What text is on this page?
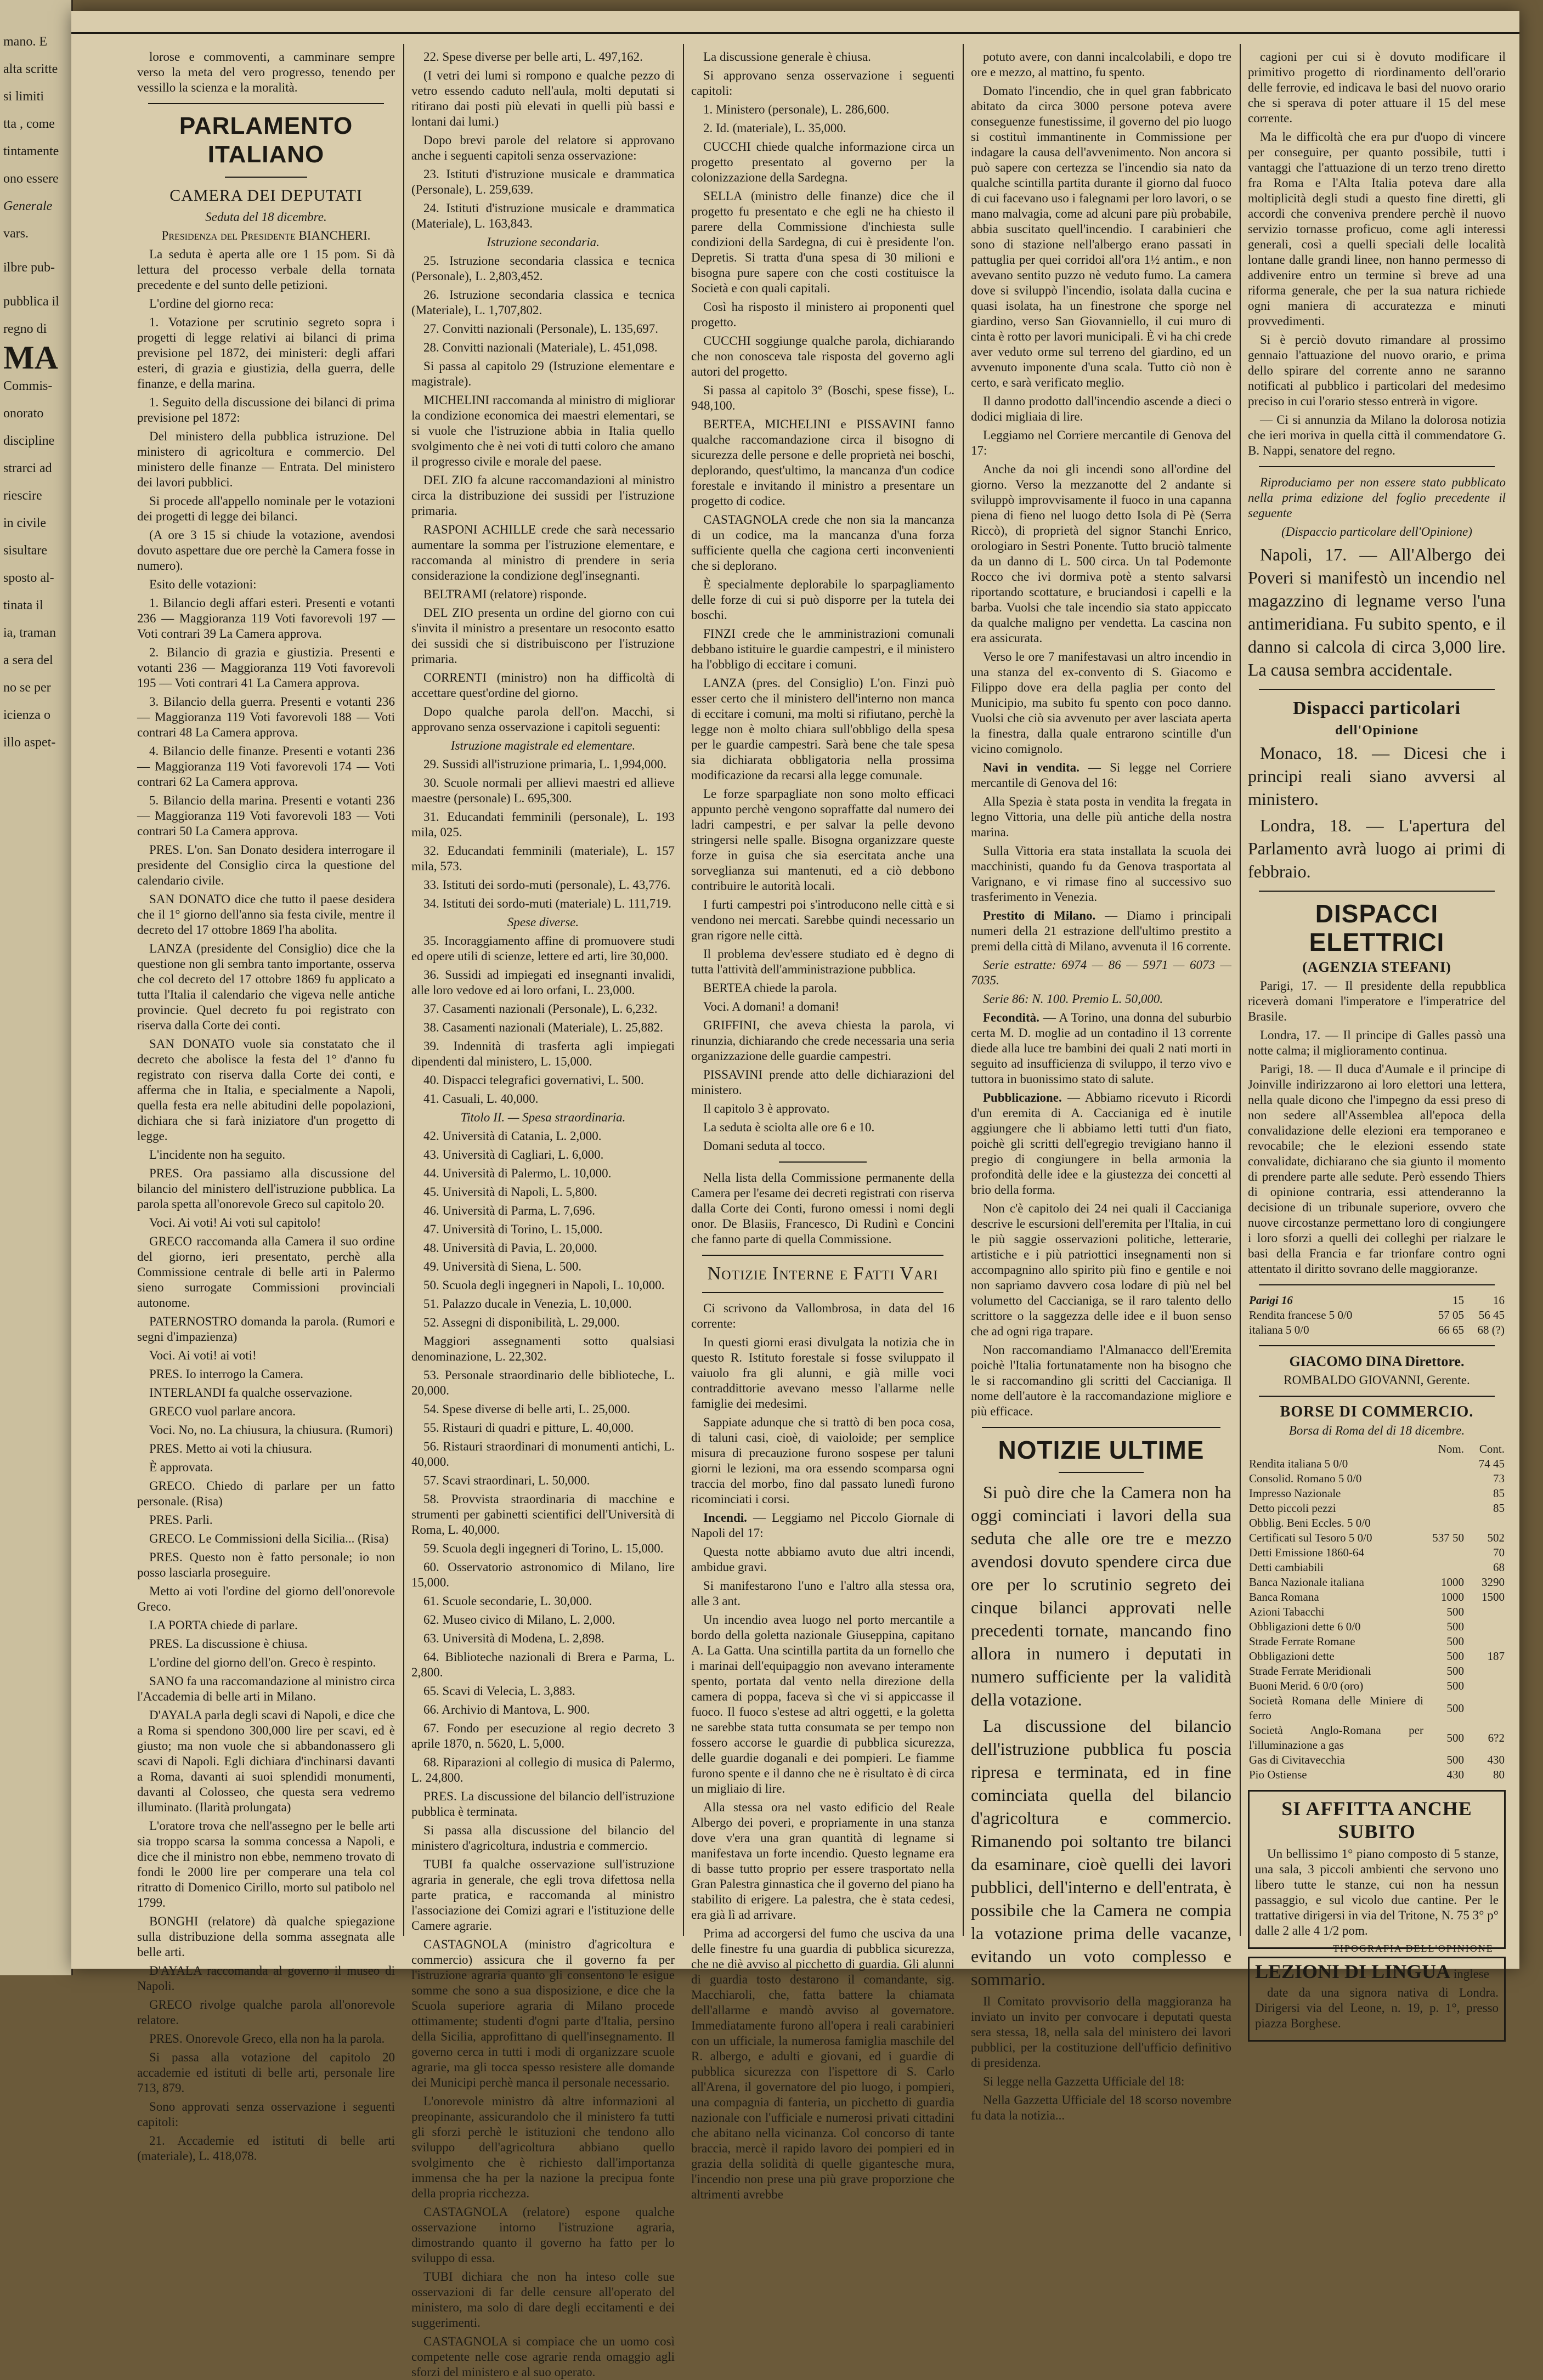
mano. E

alta scritte

si limiti

tta , come

tintamente

ono essere

Generale

vars.

ilbre pub-

pubblica il

regno di

MA

Commis-

onorato

discipline

strarci ad

riescire

in civile

sisultare

sposto al-

tinata il

ia, traman

a sera del

no se per

icienza o

illo aspet-

lorose e commoventi, a camminare sempre verso la meta del vero progresso, tenendo per vessillo la scienza e la moralità.

PARLAMENTO ITALIANO

CAMERA DEI DEPUTATI

Seduta del 18 dicembre.

Presidenza del Presidente BIANCHERI.

La seduta è aperta alle ore 1 15 pom. Si dà lettura del processo verbale della tornata precedente e del sunto delle petizioni.

L'ordine del giorno reca:

1. Votazione per scrutinio segreto sopra i progetti di legge relativi ai bilanci di prima previsione pel 1872, dei ministeri: degli affari esteri, di grazia e giustizia, della guerra, delle finanze, e della marina.

1. Seguito della discussione dei bilanci di prima previsione pel 1872:

Del ministero della pubblica istruzione. Del ministero di agricoltura e commercio. Del ministero delle finanze — Entrata. Del ministero dei lavori pubblici.

Si procede all'appello nominale per le votazioni dei progetti di legge dei bilanci.

(A ore 3 15 si chiude la votazione, avendosi dovuto aspettare due ore perchè la Camera fosse in numero).

Esito delle votazioni:

1. Bilancio degli affari esteri. Presenti e votanti 236 — Maggioranza 119 Voti favorevoli 197 — Voti contrari 39 La Camera approva.

2. Bilancio di grazia e giustizia. Presenti e votanti 236 — Maggioranza 119 Voti favorevoli 195 — Voti contrari 41 La Camera approva.

3. Bilancio della guerra. Presenti e votanti 236 — Maggioranza 119 Voti favorevoli 188 — Voti contrari 48 La Camera approva.

4. Bilancio delle finanze. Presenti e votanti 236 — Maggioranza 119 Voti favorevoli 174 — Voti contrari 62 La Camera approva.

5. Bilancio della marina. Presenti e votanti 236 — Maggioranza 119 Voti favorevoli 183 — Voti contrari 50 La Camera approva.

PRES. L'on. San Donato desidera interrogare il presidente del Consiglio circa la questione del calendario civile.

SAN DONATO dice che tutto il paese desidera che il 1° giorno dell'anno sia festa civile, mentre il decreto del 17 ottobre 1869 l'ha abolita.

LANZA (presidente del Consiglio) dice che la questione non gli sembra tanto importante, osserva che col decreto del 17 ottobre 1869 fu applicato a tutta l'Italia il calendario che vigeva nelle antiche provincie. Quel decreto fu poi registrato con riserva dalla Corte dei conti.

SAN DONATO vuole sia constatato che il decreto che abolisce la festa del 1° d'anno fu registrato con riserva dalla Corte dei conti, e afferma che in Italia, e specialmente a Napoli, quella festa era nelle abitudini delle popolazioni, dichiara che si farà iniziatore d'un progetto di legge.

L'incidente non ha seguito.

PRES. Ora passiamo alla discussione del bilancio del ministero dell'istruzione pubblica. La parola spetta all'onorevole Greco sul capitolo 20.

Voci. Ai voti! Ai voti sul capitolo!

GRECO raccomanda alla Camera il suo ordine del giorno, ieri presentato, perchè alla Commissione centrale di belle arti in Palermo sieno surrogate Commissioni provinciali autonome.

PATERNOSTRO domanda la parola. (Rumori e segni d'impazienza)

Voci. Ai voti! ai voti!

PRES. Io interrogo la Camera.

INTERLANDI fa qualche osservazione.

GRECO vuol parlare ancora.

Voci. No, no. La chiusura, la chiusura. (Rumori)

PRES. Metto ai voti la chiusura.

È approvata.

GRECO. Chiedo di parlare per un fatto personale. (Risa)

PRES. Parli.

GRECO. Le Commissioni della Sicilia... (Risa)

PRES. Questo non è fatto personale; io non posso lasciarla proseguire.

Metto ai voti l'ordine del giorno dell'onorevole Greco.

LA PORTA chiede di parlare.

PRES. La discussione è chiusa.

L'ordine del giorno dell'on. Greco è respinto.

SANO fa una raccomandazione al ministro circa l'Accademia di belle arti in Milano.

D'AYALA parla degli scavi di Napoli, e dice che a Roma si spendono 300,000 lire per scavi, ed è giusto; ma non vuole che si abbandonassero gli scavi di Napoli. Egli dichiara d'inchinarsi davanti a Roma, davanti ai suoi splendidi monumenti, davanti al Colosseo, che questa sera vedremo illuminato. (Ilarità prolungata)

L'oratore trova che nell'assegno per le belle arti sia troppo scarsa la somma concessa a Napoli, e dice che il ministro non ebbe, nemmeno trovato di fondi le 2000 lire per comperare una tela col ritratto di Domenico Cirillo, morto sul patibolo nel 1799.

BONGHI (relatore) dà qualche spiegazione sulla distribuzione della somma assegnata alle belle arti.

D'AYALA raccomanda al governo il museo di Napoli.

GRECO rivolge qualche parola all'onorevole relatore.

PRES. Onorevole Greco, ella non ha la parola.

Si passa alla votazione del capitolo 20 accademie ed istituti di belle arti, personale lire 713, 879.

Sono approvati senza osservazione i seguenti capitoli:

21. Accademie ed istituti di belle arti (materiale), L. 418,078.

22. Spese diverse per belle arti, L. 497,162.

(I vetri dei lumi si rompono e qualche pezzo di vetro essendo caduto nell'aula, molti deputati si ritirano dai posti più elevati in quelli più bassi e lontani dai lumi.)

Dopo brevi parole del relatore si approvano anche i seguenti capitoli senza osservazione:

23. Istituti d'istruzione musicale e drammatica (Personale), L. 259,639.

24. Istituti d'istruzione musicale e drammatica (Materiale), L. 163,843.

Istruzione secondaria.

25. Istruzione secondaria classica e tecnica (Personale), L. 2,803,452.

26. Istruzione secondaria classica e tecnica (Materiale), L. 1,707,802.

27. Convitti nazionali (Personale), L. 135,697.

28. Convitti nazionali (Materiale), L. 451,098.

Si passa al capitolo 29 (Istruzione elementare e magistrale).

MICHELINI raccomanda al ministro di migliorar la condizione economica dei maestri elementari, se si vuole che l'istruzione abbia in Italia quello svolgimento che è nei voti di tutti coloro che amano il progresso civile e morale del paese.

DEL ZIO fa alcune raccomandazioni al ministro circa la distribuzione dei sussidi per l'istruzione primaria.

RASPONI ACHILLE crede che sarà necessario aumentare la somma per l'istruzione elementare, e raccomanda al ministro di prendere in seria considerazione la condizione degl'insegnanti.

BELTRAMI (relatore) risponde.

DEL ZIO presenta un ordine del giorno con cui s'invita il ministro a presentare un resoconto esatto dei sussidi che si distribuiscono per l'istruzione primaria.

CORRENTI (ministro) non ha difficoltà di accettare quest'ordine del giorno.

Dopo qualche parola dell'on. Macchi, si approvano senza osservazione i capitoli seguenti:

Istruzione magistrale ed elementare.

29. Sussidi all'istruzione primaria, L. 1,994,000.

30. Scuole normali per allievi maestri ed allieve maestre (personale) L. 695,300.

31. Educandati femminili (personale), L. 193 mila, 025.

32. Educandati femminili (materiale), L. 157 mila, 573.

33. Istituti dei sordo-muti (personale), L. 43,776.

34. Istituti dei sordo-muti (materiale) L. 111,719.

Spese diverse.

35. Incoraggiamento affine di promuovere studi ed opere utili di scienze, lettere ed arti, lire 30,000.

36. Sussidi ad impiegati ed insegnanti invalidi, alle loro vedove ed ai loro orfani, L. 23,000.

37. Casamenti nazionali (Personale), L. 6,232.

38. Casamenti nazionali (Materiale), L. 25,882.

39. Indennità di trasferta agli impiegati dipendenti dal ministero, L. 15,000.

40. Dispacci telegrafici governativi, L. 500.

41. Casuali, L. 40,000.

Titolo II. — Spesa straordinaria.

42. Università di Catania, L. 2,000.

43. Università di Cagliari, L. 6,000.

44. Università di Palermo, L. 10,000.

45. Università di Napoli, L. 5,800.

46. Università di Parma, L. 7,696.

47. Università di Torino, L. 15,000.

48. Università di Pavia, L. 20,000.

49. Università di Siena, L. 500.

50. Scuola degli ingegneri in Napoli, L. 10,000.

51. Palazzo ducale in Venezia, L. 10,000.

52. Assegni di disponibilità, L. 29,000.

Maggiori assegnamenti sotto qualsiasi denominazione, L. 22,302.

53. Personale straordinario delle biblioteche, L. 20,000.

54. Spese diverse di belle arti, L. 25,000.

55. Ristauri di quadri e pitture, L. 40,000.

56. Ristauri straordinari di monumenti antichi, L. 40,000.

57. Scavi straordinari, L. 50,000.

58. Provvista straordinaria di macchine e strumenti per gabinetti scientifici dell'Università di Roma, L. 40,000.

59. Scuola degli ingegneri di Torino, L. 15,000.

60. Osservatorio astronomico di Milano, lire 15,000.

61. Scuole secondarie, L. 30,000.

62. Museo civico di Milano, L. 2,000.

63. Università di Modena, L. 2,898.

64. Biblioteche nazionali di Brera e Parma, L. 2,800.

65. Scavi di Velecia, L. 3,883.

66. Archivio di Mantova, L. 900.

67. Fondo per esecuzione al regio decreto 3 aprile 1870, n. 5620, L. 5,000.

68. Riparazioni al collegio di musica di Palermo, L. 24,800.

PRES. La discussione del bilancio dell'istruzione pubblica è terminata.

Si passa alla discussione del bilancio del ministero d'agricoltura, industria e commercio.

TUBI fa qualche osservazione sull'istruzione agraria in generale, che egli trova difettosa nella parte pratica, e raccomanda al ministro l'associazione dei Comizi agrari e l'istituzione delle Camere agrarie.

CASTAGNOLA (ministro d'agricoltura e commercio) assicura che il governo fa per l'istruzione agraria quanto gli consentono le esigue somme che sono a sua disposizione, e dice che la Scuola superiore agraria di Milano procede ottimamente; studenti d'ogni parte d'Italia, persino della Sicilia, approfittano di quell'insegnamento. Il governo cerca in tutti i modi di organizzare scuole agrarie, ma gli tocca spesso resistere alle domande dei Municipi perchè manca il personale necessario.

L'onorevole ministro dà altre informazioni al preopinante, assicurandolo che il ministero fa tutti gli sforzi perchè le istituzioni che tendono allo sviluppo dell'agricoltura abbiano quello svolgimento che è richiesto dall'importanza immensa che ha per la nazione la precipua fonte della propria ricchezza.

CASTAGNOLA (relatore) espone qualche osservazione intorno l'istruzione agraria, dimostrando quanto il governo ha fatto per lo sviluppo di essa.

TUBI dichiara che non ha inteso colle sue osservazioni di far delle censure all'operato del ministero, ma solo di dare degli eccitamenti e dei suggerimenti.

CASTAGNOLA si compiace che un uomo così competente nelle cose agrarie renda omaggio agli sforzi del ministero e al suo operato.

La discussione generale è chiusa.

Si approvano senza osservazione i seguenti capitoli:

1. Ministero (personale), L. 286,600.

2. Id. (materiale), L. 35,000.

CUCCHI chiede qualche informazione circa un progetto presentato al governo per la colonizzazione della Sardegna.

SELLA (ministro delle finanze) dice che il progetto fu presentato e che egli ne ha chiesto il parere della Commissione d'inchiesta sulle condizioni della Sardegna, di cui è presidente l'on. Depretis. Si tratta d'una spesa di 30 milioni e bisogna pure sapere con che costi costituisce la Società e con quali capitali.

Così ha risposto il ministero ai proponenti quel progetto.

CUCCHI soggiunge qualche parola, dichiarando che non conosceva tale risposta del governo agli autori del progetto.

Si passa al capitolo 3° (Boschi, spese fisse), L. 948,100.

BERTEA, MICHELINI e PISSAVINI fanno qualche raccomandazione circa il bisogno di sicurezza delle persone e delle proprietà nei boschi, deplorando, quest'ultimo, la mancanza d'un codice forestale e invitando il ministro a presentare un progetto di codice.

CASTAGNOLA crede che non sia la mancanza di un codice, ma la mancanza d'una forza sufficiente quella che cagiona certi inconvenienti che si deplorano.

È specialmente deplorabile lo sparpagliamento delle forze di cui si può disporre per la tutela dei boschi.

FINZI crede che le amministrazioni comunali debbano istituire le guardie campestri, e il ministero ha l'obbligo di eccitare i comuni.

LANZA (pres. del Consiglio) L'on. Finzi può esser certo che il ministero dell'interno non manca di eccitare i comuni, ma molti si rifiutano, perchè la legge non è molto chiara sull'obbligo della spesa per le guardie campestri. Sarà bene che tale spesa sia dichiarata obbligatoria nella prossima modificazione da recarsi alla legge comunale.

Le forze sparpagliate non sono molto efficaci appunto perchè vengono sopraffatte dal numero dei ladri campestri, e per salvar la pelle devono stringersi nelle spalle. Bisogna organizzare queste forze in guisa che sia esercitata anche una sorveglianza sui mantenuti, ed a ciò debbono contribuire le autorità locali.

I furti campestri poi s'introducono nelle città e si vendono nei mercati. Sarebbe quindi necessario un gran rigore nelle città.

Il problema dev'essere studiato ed è degno di tutta l'attività dell'amministrazione pubblica.

BERTEA chiede la parola.

Voci. A domani! a domani!

GRIFFINI, che aveva chiesta la parola, vi rinunzia, dichiarando che crede necessaria una seria organizzazione delle guardie campestri.

PISSAVINI prende atto delle dichiarazioni del ministero.

Il capitolo 3 è approvato.

La seduta è sciolta alle ore 6 e 10.

Domani seduta al tocco.

Nella lista della Commissione permanente della Camera per l'esame dei decreti registrati con riserva dalla Corte dei Conti, furono omessi i nomi degli onor. De Blasiis, Francesco, Di Rudinì e Concini che fanno parte di quella Commissione.

Notizie Interne e Fatti Vari

Ci scrivono da Vallombrosa, in data del 16 corrente:

In questi giorni erasi divulgata la notizia che in questo R. Istituto forestale si fosse sviluppato il vaiuolo fra gli alunni, e già mille voci contraddittorie avevano messo l'allarme nelle famiglie dei medesimi.

Sappiate adunque che si trattò di ben poca cosa, di taluni casi, cioè, di vaioloide; per semplice misura di precauzione furono sospese per taluni giorni le lezioni, ma ora essendo scomparsa ogni traccia del morbo, fino dal passato lunedì furono ricominciati i corsi.

Incendi. — Leggiamo nel Piccolo Giornale di Napoli del 17:

Questa notte abbiamo avuto due altri incendi, ambidue gravi.

Si manifestarono l'uno e l'altro alla stessa ora, alle 3 ant.

Un incendio avea luogo nel porto mercantile a bordo della goletta nazionale Giuseppina, capitano A. La Gatta. Una scintilla partita da un fornello che i marinai dell'equipaggio non avevano interamente spento, portata dal vento nella direzione della camera di poppa, faceva sì che vi si appiccasse il fuoco. Il fuoco s'estese ad altri oggetti, e la goletta ne sarebbe stata tutta consumata se per tempo non fossero accorse le guardie di pubblica sicurezza, delle guardie doganali e dei pompieri. Le fiamme furono spente e il danno che ne è risultato è di circa un migliaio di lire.

Alla stessa ora nel vasto edificio del Reale Albergo dei poveri, e propriamente in una stanza dove v'era una gran quantità di legname si manifestava un forte incendio. Questo legname era di basse tutto proprio per essere trasportato nella Gran Palestra ginnastica che il governo del piano ha stabilito di erigere. La palestra, che è stata cedesi, era già lì ad arrivare.

Prima ad accorgersi del fumo che usciva da una delle finestre fu una guardia di pubblica sicurezza, che ne diè avviso al picchetto di guardia. Gli alunni di guardia tosto destarono il comandante, sig. Macchiaroli, che, fatta battere la chiamata dell'allarme e mandò avviso al governatore. Immediatamente furono all'opera i reali carabinieri con un ufficiale, la numerosa famiglia maschile del R. albergo, e adulti e giovani, ed i guardie di pubblica sicurezza con l'ispettore di S. Carlo all'Arena, il governatore del pio luogo, i pompieri, una compagnia di fanteria, un picchetto di guardia nazionale con l'ufficiale e numerosi privati cittadini che abitano nella vicinanza. Col concorso di tante braccia, mercè il rapido lavoro dei pompieri ed in grazia della solidità di quelle gigantesche mura, l'incendio non prese una più grave proporzione che altrimenti avrebbe

potuto avere, con danni incalcolabili, e dopo tre ore e mezzo, al mattino, fu spento.

Domato l'incendio, che in quel gran fabbricato abitato da circa 3000 persone poteva avere conseguenze funestissime, il governo del pio luogo si costituì immantinente in Commissione per indagare la causa dell'avvenimento. Non ancora si può sapere con certezza se l'incendio sia nato da qualche scintilla partita durante il giorno dal fuoco di cui facevano uso i falegnami per loro lavori, o se mano malvagia, come ad alcuni pare più probabile, abbia suscitato quell'incendio. I carabinieri che sono di stazione nell'albergo erano passati in pattuglia per quei corridoi all'ora 1½ antim., e non avevano sentito puzzo nè veduto fumo. La camera dove si sviluppò l'incendio, isolata dalla cucina e quasi isolata, ha un finestrone che sporge nel giardino, verso San Giovanniello, il cui muro di cinta è rotto per lavori municipali. È vi ha chi crede aver veduto orme sul terreno del giardino, ed un avvenuto imponente d'una scala. Tutto ciò non è certo, e sarà verificato meglio.

Il danno prodotto dall'incendio ascende a dieci o dodici migliaia di lire.

Leggiamo nel Corriere mercantile di Genova del 17:

Anche da noi gli incendi sono all'ordine del giorno. Verso la mezzanotte del 2 andante si sviluppò improvvisamente il fuoco in una capanna piena di fieno nel luogo detto Isola di Pè (Serra Riccò), di proprietà del signor Stanchi Enrico, orologiaro in Sestri Ponente. Tutto bruciò talmente da un danno di L. 500 circa. Un tal Podemonte Rocco che ivi dormiva potè a stento salvarsi riportando scottature, e bruciandosi i capelli e la barba. Vuolsi che tale incendio sia stato appiccato da qualche maligno per vendetta. La cascina non era assicurata.

Verso le ore 7 manifestavasi un altro incendio in una stanza del ex-convento di S. Giacomo e Filippo dove era della paglia per conto del Municipio, ma subito fu spento con poco danno. Vuolsi che ciò sia avvenuto per aver lasciata aperta la finestra, dalla quale entrarono scintille d'un vicino comignolo.

Navi in vendita. — Si legge nel Corriere mercantile di Genova del 16:

Alla Spezia è stata posta in vendita la fregata in legno Vittoria, una delle più antiche della nostra marina.

Sulla Vittoria era stata installata la scuola dei macchinisti, quando fu da Genova trasportata al Varignano, e vi rimase fino al successivo suo trasferimento in Venezia.

Prestito di Milano. — Diamo i principali numeri della 21 estrazione dell'ultimo prestito a premi della città di Milano, avvenuta il 16 corrente.

Serie estratte: 6974 — 86 — 5971 — 6073 — 7035.

Serie 86: N. 100. Premio L. 50,000.

Fecondità. — A Torino, una donna del suburbio certa M. D. moglie ad un contadino il 13 corrente diede alla luce tre bambini dei quali 2 nati morti in seguito ad insufficienza di sviluppo, il terzo vivo e tuttora in buonissimo stato di salute.

Pubblicazione. — Abbiamo ricevuto i Ricordi d'un eremita di A. Caccianiga ed è inutile aggiungere che li abbiamo letti tutti d'un fiato, poichè gli scritti dell'egregio trevigiano hanno il pregio di congiungere in bella armonia la profondità delle idee e la giustezza dei concetti al brio della forma.

Non c'è capitolo dei 24 nei quali il Caccianiga descrive le escursioni dell'eremita per l'Italia, in cui le più saggie osservazioni politiche, letterarie, artistiche e i più patriottici insegnamenti non si accompagnino allo spirito più fino e gentile e noi non sapriamo davvero cosa lodare di più nel bel volumetto del Caccianiga, se il raro talento dello scrittore o la saggezza delle idee e il buon senso che ad ogni riga trapare.

Non raccomandiamo l'Almanacco dell'Eremita poichè l'Italia fortunatamente non ha bisogno che le si raccomandino gli scritti del Caccianiga. Il nome dell'autore è la raccomandazione migliore e più efficace.

NOTIZIE ULTIME

Si può dire che la Camera non ha oggi cominciati i lavori della sua seduta che alle ore tre e mezzo avendosi dovuto spendere circa due ore per lo scrutinio segreto dei cinque bilanci approvati nelle precedenti tornate, mancando fino allora in numero i deputati in numero sufficiente per la validità della votazione.

La discussione del bilancio dell'istruzione pubblica fu poscia ripresa e terminata, ed in fine cominciata quella del bilancio d'agricoltura e commercio. Rimanendo poi soltanto tre bilanci da esaminare, cioè quelli dei lavori pubblici, dell'interno e dell'entrata, è possibile che la Camera ne compia la votazione prima delle vacanze, evitando un voto complesso e sommario.

Il Comitato provvisorio della maggioranza ha inviato un invito per convocare i deputati questa sera stessa, 18, nella sala del ministero dei lavori pubblici, per la costituzione dell'ufficio definitivo di presidenza.

Si legge nella Gazzetta Ufficiale del 18:

Nella Gazzetta Ufficiale del 18 scorso novembre fu data la notizia...

cagioni per cui si è dovuto modificare il primitivo progetto di riordinamento dell'orario delle ferrovie, ed indicava le basi del nuovo orario che si sperava di poter attuare il 15 del mese corrente.

Ma le difficoltà che era pur d'uopo di vincere per conseguire, per quanto possibile, tutti i vantaggi che l'attuazione di un terzo treno diretto fra Roma e l'Alta Italia poteva dare alla moltiplicità degli studi a questo fine diretti, gli accordi che conveniva prendere perchè il nuovo servizio tornasse proficuo, come agli interessi generali, così a quelli speciali delle località lontane dalle grandi linee, non hanno permesso di addivenire entro un termine sì breve ad una riforma generale, che per la sua natura richiede ogni maniera di accuratezza e minuti provvedimenti.

Si è perciò dovuto rimandare al prossimo gennaio l'attuazione del nuovo orario, e prima dello spirare del corrente anno ne saranno notificati al pubblico i particolari del medesimo preciso in cui l'orario stesso entrerà in vigore.

— Ci si annunzia da Milano la dolorosa notizia che ieri moriva in quella città il commendatore G. B. Nappi, senatore del regno.

Riproduciamo per non essere stato pubblicato nella prima edizione del foglio precedente il seguente

(Dispaccio particolare dell'Opinione)

Napoli, 17. — All'Albergo dei Poveri si manifestò un incendio nel magazzino di legname verso l'una antimeridiana. Fu subito spento, e il danno si calcola di circa 3,000 lire. La causa sembra accidentale.

Dispacci particolari

dell'Opinione

Monaco, 18. — Dicesi che i principi reali siano avversi al ministero.

Londra, 18. — L'apertura del Parlamento avrà luogo ai primi di febbraio.

DISPACCI ELETTRICI

(AGENZIA STEFANI)

Parigi, 17. — Il presidente della repubblica riceverà domani l'imperatore e l'imperatrice del Brasile.

Londra, 17. — Il principe di Galles passò una notte calma; il miglioramento continua.

Parigi, 18. — Il duca d'Aumale e il principe di Joinville indirizzarono ai loro elettori una lettera, nella quale dicono che l'impegno da essi preso di non sedere all'Assemblea all'epoca della convalidazione delle elezioni era temporaneo e revocabile; che le elezioni essendo state convalidate, dichiarano che sia giunto il momento di prendere parte alle sedute. Però essendo Thiers di opinione contraria, essi attenderanno la decisione di un tribunale superiore, ovvero che nuove circostanze permettano loro di congiungere i loro sforzi a quelli dei colleghi per rialzare le basi della Francia e far trionfare contro ogni attentato il diritto sovrano delle maggioranze.

Parigi 16	15	16
Rendita francese 5 0/0	57 05	56 45
italiana 5 0/0	66 65	68 (?)

GIACOMO DINA Direttore.

ROMBALDO GIOVANNI, Gerente.

BORSE DI COMMERCIO.

Borsa di Roma del di 18 dicembre.

	Nom.	Cont.
Rendita italiana 5 0/0		74 45
Consolid. Romano 5 0/0		73
Impresso Nazionale		85
Detto piccoli pezzi		85
Obblig. Beni Eccles. 5 0/0		
Certificati sul Tesoro 5 0/0	537 50	502
Detti Emissione 1860-64		70
Detti cambiabili		68
Banca Nazionale italiana	1000	3290
Banca Romana	1000	1500
Azioni Tabacchi	500	
Obbligazioni dette 6 0/0	500	
Strade Ferrate Romane	500	
Obbligazioni dette	500	187
Strade Ferrate Meridionali	500	
Buoni Merid. 6 0/0 (oro)	500	
Società Romana delle Miniere di ferro	500	
Società Anglo-Romana per l'illuminazione a gas	500	6?2
Gas di Civitavecchia	500	430
Pio Ostiense	430	80

SI AFFITTA ANCHE SUBITO

Un bellissimo 1° piano composto di 5 stanze, una sala, 3 piccoli ambienti che servono uno libero tutte le stanze, cui non ha nessun passaggio, e sul vicolo due cantine. Per le trattative dirigersi in via del Tritone, N. 75 3° p° dalle 2 alle 4 1/2 pom.

LEZIONI DI LINGUA inglese

date da una signora nativa di Londra. Dirigersi via del Leone, n. 19, p. 1°, presso piazza Borghese.

TIPOGRAFIA DELL'OPINIONE
